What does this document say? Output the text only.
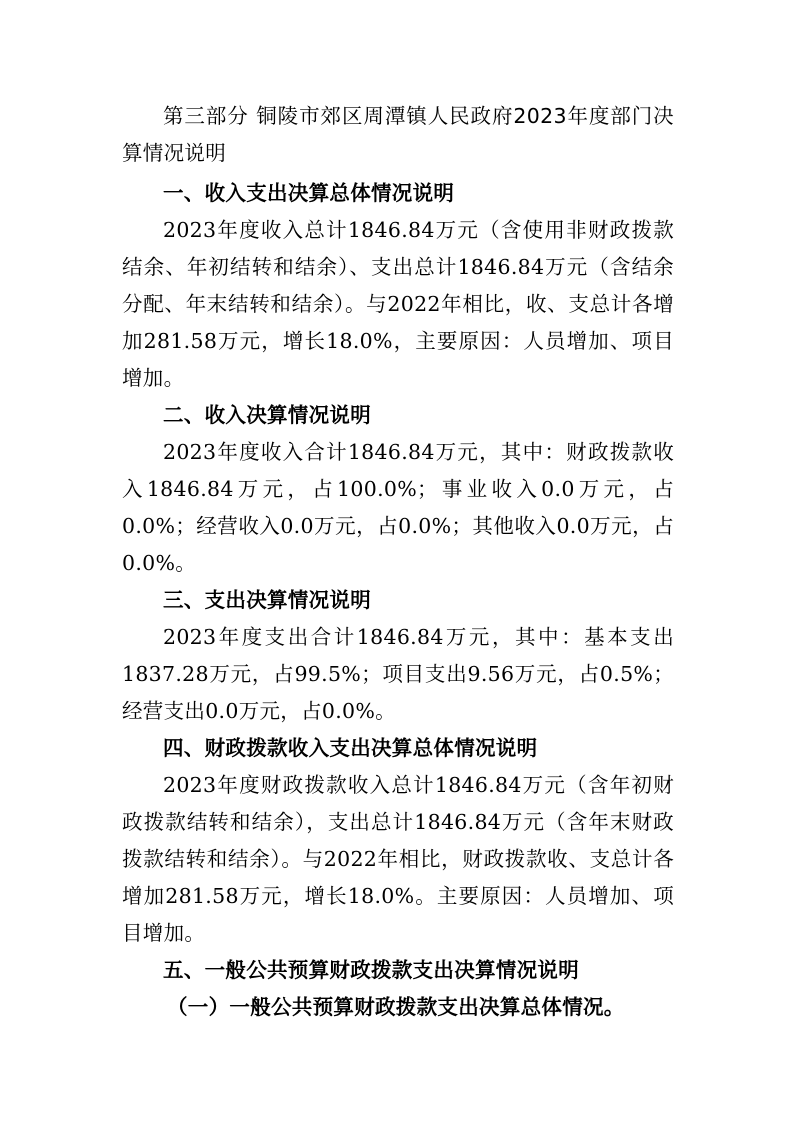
第三部分 铜陵市郊区周潭镇人民政府2023年度部门决算情况说明

一、收入支出决算总体情况说明

2023年度收入总计1846.84万元（含使用非财政拨款结余、年初结转和结余）、支出总计1846.84万元（含结余分配、年末结转和结余）。与2022年相比，收、支总计各增加281.58万元，增长18.0%，主要原因：人员增加、项目增加。

二、收入决算情况说明

2023年度收入合计1846.84万元，其中：财政拨款收入1846.84万元，占100.0%；事业收入0.0万元，占0.0%；经营收入0.0万元，占0.0%；其他收入0.0万元，占0.0%。

三、支出决算情况说明

2023年度支出合计1846.84万元，其中：基本支出1837.28万元，占99.5%；项目支出9.56万元，占0.5%；经营支出0.0万元，占0.0%。

四、财政拨款收入支出决算总体情况说明

2023年度财政拨款收入总计1846.84万元（含年初财政拨款结转和结余），支出总计1846.84万元（含年末财政拨款结转和结余）。与2022年相比，财政拨款收、支总计各增加281.58万元，增长18.0%。主要原因：人员增加、项目增加。

五、一般公共预算财政拨款支出决算情况说明

（一）一般公共预算财政拨款支出决算总体情况。
